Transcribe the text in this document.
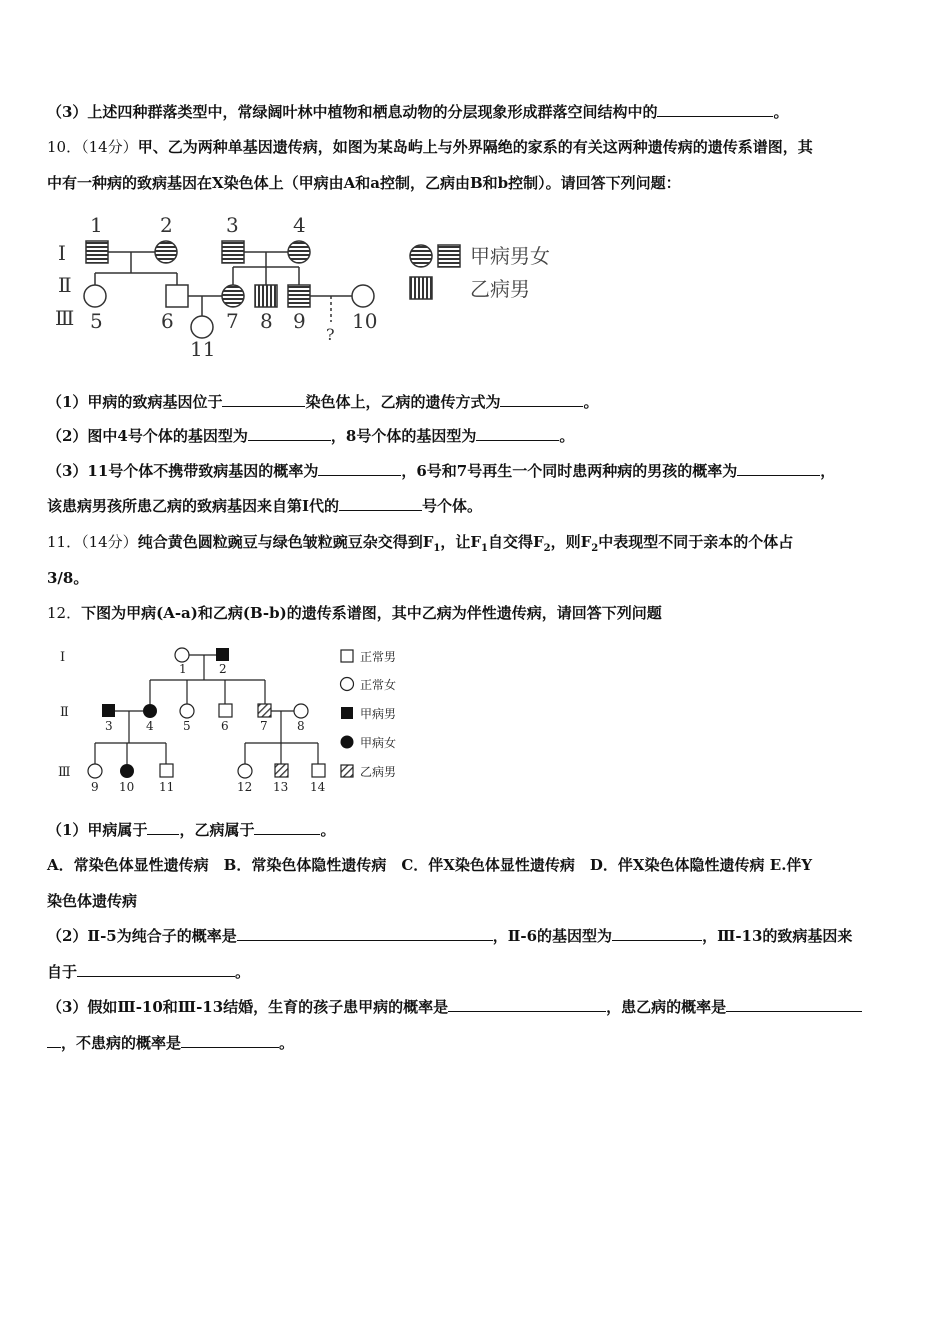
（3）上述四种群落类型中，常绿阔叶林中植物和栖息动物的分层现象形成群落空间结构中的	。
10．（14分）甲、乙为两种单基因遗传病，如图为某岛屿上与外界隔绝的家系的有关这两种遗传病的遗传系谱图，其
中有一种病的致病基因在X染色体上（甲病由A和a控制，乙病由B和b控制）。请回答下列问题：
Ⅰ
Ⅱ
Ⅲ
1	2	3	4
5	6	7 8 9 10
11
?
甲病男女
乙病男
（1）甲病的致病基因位于	染色体上，乙病的遗传方式为	。
（2）图中4号个体的基因型为	，8号个体的基因型为	。
（3）11号个体不携带致病基因的概率为	，6号和7号再生一个同时患两种病的男孩的概率为	，
该患病男孩所患乙病的致病基因来自第Ⅰ代的	号个体。
11．（14分）纯合黄色圆粒豌豆与绿色皱粒豌豆杂交得到$F_1$，让$F_1$自交得$F_2$，则$F_2$中表现型不同于亲本的个体占
3/8。
12．下图为甲病(A-a)和乙病(B-b)的遗传系谱图，其中乙病为伴性遗传病，请回答下列问题
Ⅰ
Ⅱ
Ⅲ
1	2
3	4 5	6	7 8
9 10 11	12 13 14
正常男
正常女
甲病男
甲病女
乙病男
（1）甲病属于 ，乙病属于	。
A．常染色体显性遗传病　B．常染色体隐性遗传病　C．伴X染色体显性遗传病　D．伴X染色体隐性遗传病 E.伴Y
染色体遗传病
（2）Ⅱ-5为纯合子的概率是	，Ⅱ-6的基因型为	，Ⅲ-13的致病基因来
自于	。
（3）假如Ⅲ-10和Ⅲ-13结婚，生育的孩子患甲病的概率是	，患乙病的概率是
，不患病的概率是	。
